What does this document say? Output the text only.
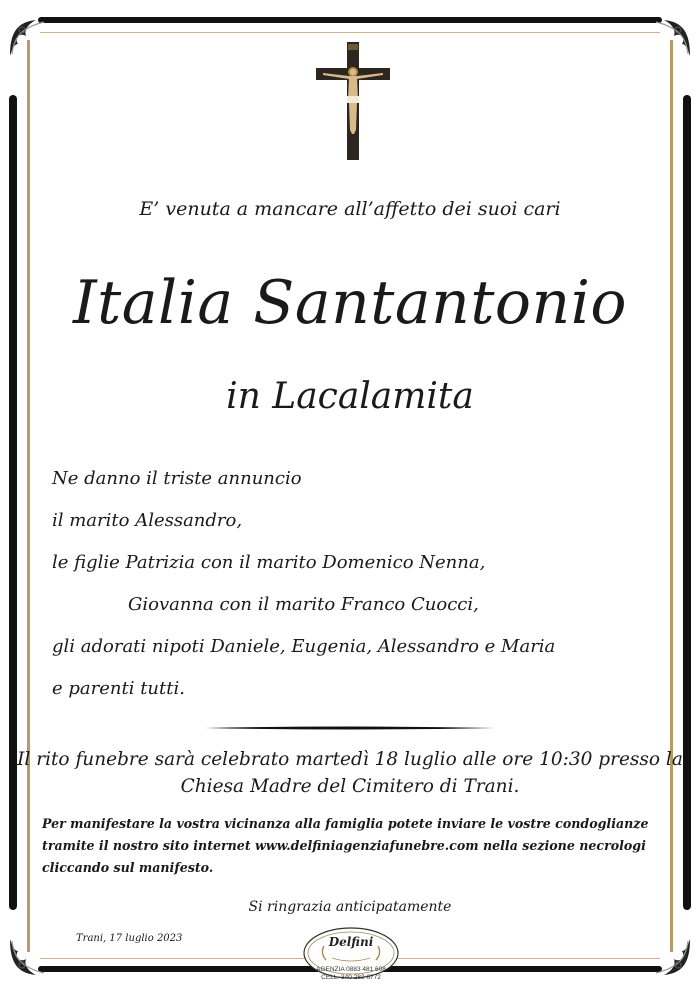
E’ venuta a mancare all’affetto dei suoi cari
Italia Santantonio
in Lacalamita
Ne danno il triste annuncio
il marito Alessandro,
le figlie Patrizia con il marito Domenico Nenna,
Giovanna con il marito Franco Cuocci,
gli adorati nipoti Daniele, Eugenia, Alessandro e Maria
e parenti tutti.
Il rito funebre sarà celebrato martedì 18 luglio alle ore 10:30 presso la
Chiesa Madre del Cimitero di Trani.
Per manifestare la vostra vicinanza alla famiglia potete inviare le vostre condoglianze
tramite il nostro sito internet www.delfiniagenziafunebre.com nella sezione necrologi
cliccando sul manifesto.
Si ringrazia anticipatamente
Trani, 17 luglio 2023	Delfini
AGENZIA 0883 481 608
CELL. 340 282 6772
